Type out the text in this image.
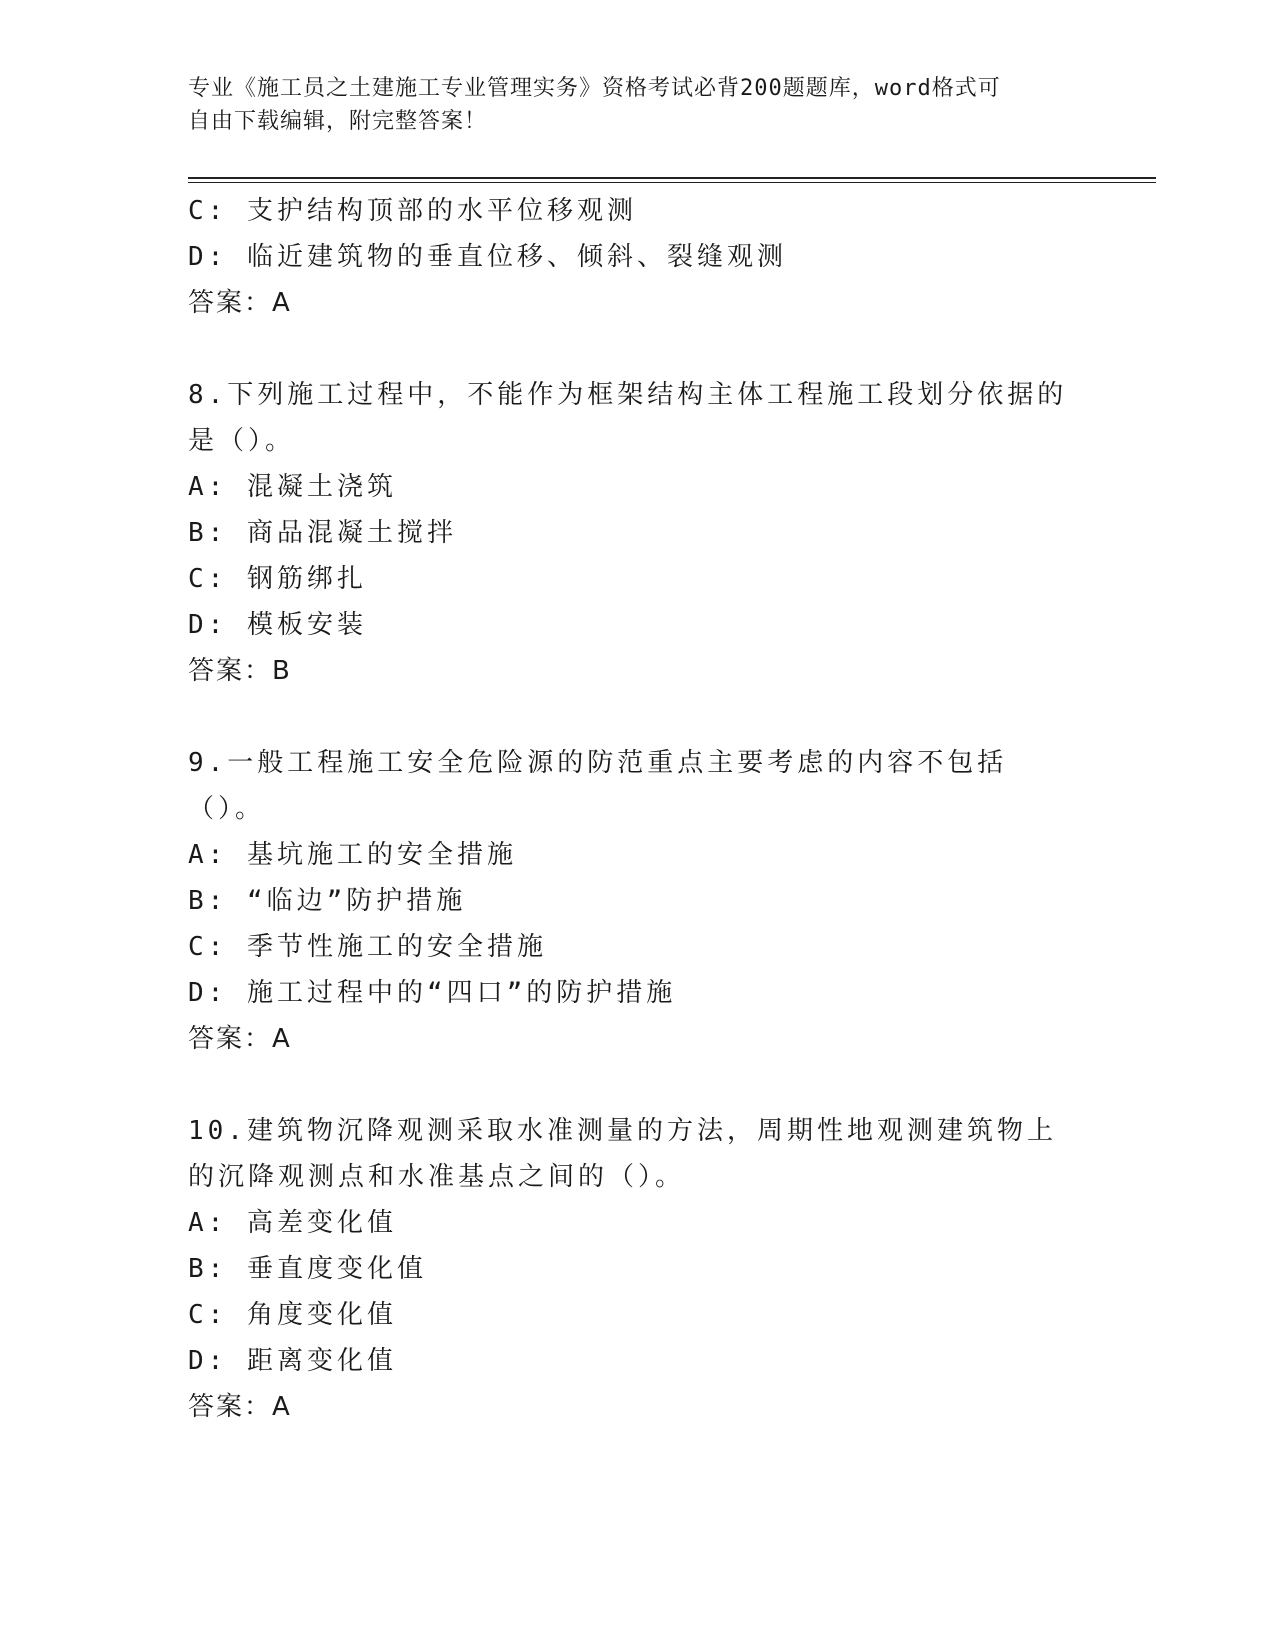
专业《施工员之土建施工专业管理实务》资格考试必背200题题库，word格式可
自由下载编辑，附完整答案！
C: 支护结构顶部的水平位移观测
D: 临近建筑物的垂直位移、倾斜、裂缝观测
答案：A
8.下列施工过程中，不能作为框架结构主体工程施工段划分依据的是（）。
A: 混凝土浇筑
B: 商品混凝土搅拌
C: 钢筋绑扎
D: 模板安装
答案：B
9.一般工程施工安全危险源的防范重点主要考虑的内容不包括（）。
A: 基坑施工的安全措施
B: “临边”防护措施
C: 季节性施工的安全措施
D: 施工过程中的“四口”的防护措施
答案：A
10.建筑物沉降观测采取水准测量的方法，周期性地观测建筑物上的沉降观测点和水准基点之间的（）。
A: 高差变化值
B: 垂直度变化值
C: 角度变化值
D: 距离变化值
答案：A
